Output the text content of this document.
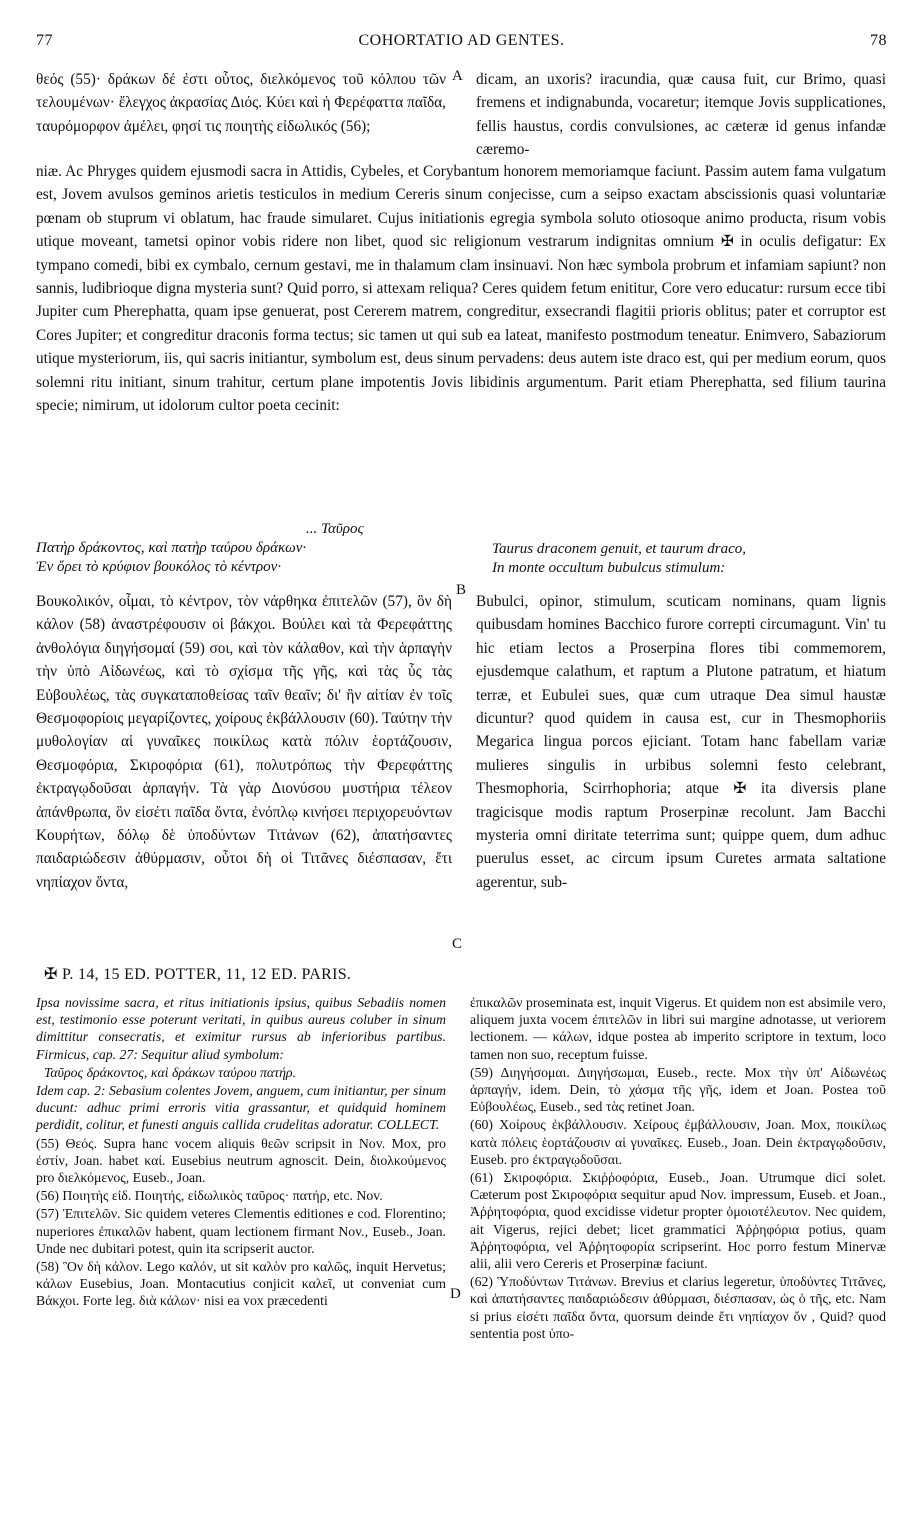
77	COHORTATIO AD GENTES.	78

θεός (55)· δράκων δέ ἐστι οὗτος, διελκόμενος τοῦ κόλπου τῶν τελουμένων· ἔλεγχος ἀκρασίας Διός. Κύει καὶ ἡ Φερέφαττα παῖδα, ταυρόμορφον ἀμέλει, φησί τις ποιητὴς εἰδωλικός (56);

A dicam, an uxoris? iracundia, quæ causa fuit, cur Brimo, quasi fremens et indignabunda, vocaretur; itemque Jovis supplicationes, fellis haustus, cordis convulsiones, ac cæteræ id genus infandæ cæremo-

niæ. Ac Phryges quidem ejusmodi sacra in Attidis, Cybeles, et Corybantum honorem memoriamque faciunt. Passim autem fama vulgatum est, Jovem avulsos geminos arietis testiculos in medium Cereris sinum conjecisse, cum a seipso exactam abscissionis quasi voluntariæ pœnam ob stuprum vi oblatum, hac fraude simularet. Cujus initiationis egregia symbola soluto otiosoque animo producta, risum vobis utique moveant, tametsi opinor vobis ridere non libet, quod sic religionum vestrarum indignitas omnium ✠ in oculis defigatur: Ex tympano comedi, bibi ex cymbalo, cernum gestavi, me in thalamum clam insinuavi. Non hæc symbola probrum et infamiam sapiunt? non sannis, ludibrioque digna mysteria sunt? Quid porro, si attexam reliqua? Ceres quidem fetum enititur, Core vero educatur: rursum ecce tibi Jupiter cum Pherephatta, quam ipse genuerat, post Cererem matrem, congreditur, exsecrandi flagitii prioris oblitus; pater et corruptor est Cores Jupiter; et congreditur draconis forma tectus; sic tamen ut qui sub ea lateat, manifesto postmodum teneatur. Enimvero, Sabaziorum utique mysteriorum, iis, qui sacris initiantur, symbolum est, deus sinum pervadens: deus autem iste draco est, qui per medium eorum, quos solemni ritu initiant, sinum trahitur, certum plane impotentis Jovis libidinis argumentum. Parit etiam Pherephatta, sed filium taurina specie; nimirum, ut idolorum cultor poeta cecinit:

... Ταῦρος
Πατὴρ δράκοντος, καὶ πατὴρ ταύρου δράκων·
Ἐν ὄρει τὸ κρύφιον βουκόλος τὸ κέντρον·
Taurus draconem genuit, et taurum draco,
In monte occultum bubulcus stimulum:

Βουκολικόν, οἶμαι, τὸ κέντρον, τὸν νάρθηκα ἐπιτελῶν (57), ὃν δὴ κάλον (58) ἀναστρέφουσιν οἱ βάκχοι. Βούλει καὶ τὰ Φερεφάττης ἀνθολόγια διηγήσομαί (59) σοι, καὶ τὸν κάλαθον, καὶ τὴν ἁρπαγὴν τὴν ὑπὸ Αἰδωνέως, καὶ τὸ σχίσμα τῆς γῆς, καὶ τὰς ὗς τὰς Εὐβουλέως, τὰς συγκαταποθείσας ταῖν θεαῖν; δι' ἣν αἰτίαν ἐν τοῖς Θεσμοφορίοις μεγαρίζοντες, χοίρους ἐκβάλλουσιν (60). Ταύτην τὴν μυθολογίαν αἱ γυναῖκες ποικίλως κατὰ πόλιν ἑορτάζουσιν, Θεσμοφόρια, Σκιροφόρια (61), πολυτρόπως τὴν Φερεφάττης ἐκτραγῳδοῦσαι ἁρπαγήν. Τὰ γὰρ Διονύσου μυστήρια τέλεον ἀπάνθρωπα, ὃν εἰσέτι παῖδα ὄντα, ἐνόπλῳ κινήσει περιχορευόντων Κουρήτων, δόλῳ δὲ ὑποδύντων Τιτάνων (62), ἀπατήσαντες παιδαριώδεσιν ἀθύρμασιν, οὗτοι δὴ οἱ Τιτᾶνες διέσπασαν, ἔτι νηπίαχον ὄντα,

B
C

Bubulci, opinor, stimulum, scuticam nominans, quam lignis quibusdam homines Bacchico furore correpti circumagunt. Vin' tu hic etiam lectos a Proserpina flores tibi commemorem, ejusdemque calathum, et raptum a Plutone patratum, et hiatum terræ, et Eubulei sues, quæ cum utraque Dea simul haustæ dicuntur? quod quidem in causa est, cur in Thesmophoriis Megarica lingua porcos ejiciant. Totam hanc fabellam variæ mulieres singulis in urbibus solemni festo celebrant, Thesmophoria, Scirrhophoria; atque ✠ ita diversis plane tragicisque modis raptum Proserpinæ recolunt. Jam Bacchi mysteria omni diritate teterrima sunt; quippe quem, dum adhuc puerulus esset, ac circum ipsum Curetes armata saltatione agerentur, sub-

✠ P. 14, 15 ED. POTTER, 11, 12 ED. PARIS.

Ipsa novissime sacra, et ritus initiationis ipsius, quibus Sebadiis nomen est, testimonio esse poterunt veritati, in quibus aureus coluber in sinum dimittitur consecratis, et eximitur rursus ab inferioribus partibus. Firmicus, cap. 27: Sequitur aliud symbolum:

Ταῦρος δράκοντος, καὶ δράκων ταύρου πατήρ.

Idem cap. 2: Sebasium colentes Jovem, anguem, cum initiantur, per sinum ducunt: adhuc primi erroris vitia grassantur, et quidquid hominem perdidit, colitur, et funesti anguis callida crudelitas adoratur. COLLECT.

(55) Θεός. Supra hanc vocem aliquis θεῶν scripsit in Nov. Mox, pro ἐστίν, Joan. habet καί. Eusebius neutrum agnoscit. Dein, διολκούμενος pro διελκόμενος, Euseb., Joan.

(56) Ποιητὴς εἰδ. Ποιητής, εἰδωλικὸς ταῦρος· πατήρ, etc. Nov.

(57) Ἐπιτελῶν. Sic quidem veteres Clementis editiones e cod. Florentino; nuperiores ἐπικαλῶν habent, quam lectionem firmant Nov., Euseb., Joan. Unde nec dubitari potest, quin ita scripserit auctor.

(58) Ὃν δὴ κάλον. Lego καλόν, ut sit καλὸν pro καλῶς, inquit Hervetus; κάλων Eusebius, Joan. Montacutius conjicit καλεῖ, ut conveniat cum Βάκχοι. Forte leg. διὰ κάλων· nisi ea vox præcedenti	D

ἐπικαλῶν proseminata est, inquit Vigerus. Et quidem non est absimile vero, aliquem juxta vocem ἐπιτελῶν in libri sui margine adnotasse, ut veriorem lectionem. — κάλων, idque postea ab imperito scriptore in textum, loco tamen non suo, receptum fuisse.

(59) Διηγήσομαι. Διηγήσωμαι, Euseb., recte. Mox τὴν ὑπ' Αἰδωνέως ἁρπαγήν, idem. Dein, τὸ χάσμα τῆς γῆς, idem et Joan. Postea τοῦ Εὐβουλέως, Euseb., sed τὰς retinet Joan.

(60) Χοίρους ἐκβάλλουσιν. Χείρους ἐμβάλλουσιν, Joan. Mox, ποικίλως κατὰ πόλεις ἑορτάζουσιν αἱ γυναῖκες. Euseb., Joan. Dein ἐκτραγῳδοῦσιν, Euseb. pro ἐκτραγῳδοῦσαι.

(61) Σκιροφόρια. Σκιῤῥοφόρια, Euseb., Joan. Utrumque dici solet. Cæterum post Σκιροφόρια sequitur apud Nov. impressum, Euseb. et Joan., Ἀῤῥητοφόρια, quod excidisse videtur propter ὁμοιοτέλευτον. Nec quidem, ait Vigerus, rejici debet; licet grammatici Ἀῤῥηφόρια potius, quam Ἀῤῥητοφόρια, vel Ἀῤῥητοφορία scripserint. Hoc porro festum Minervæ alii, alii vero Cereris et Proserpinæ faciunt.

(62) Ὑποδύντων Τιτάνων. Brevius et clarius legeretur, ὑποδύντες Τιτᾶνες, καὶ ἀπατήσαντες παιδαριώδεσιν ἀθύρμασι, διέσπασαν, ὡς ὁ τῆς, etc. Nam si prius εἰσέτι παῖδα ὄντα, quorsum deinde ἔτι νηπίαχον ὄν , Quid? quod sententia post ὑπο-
